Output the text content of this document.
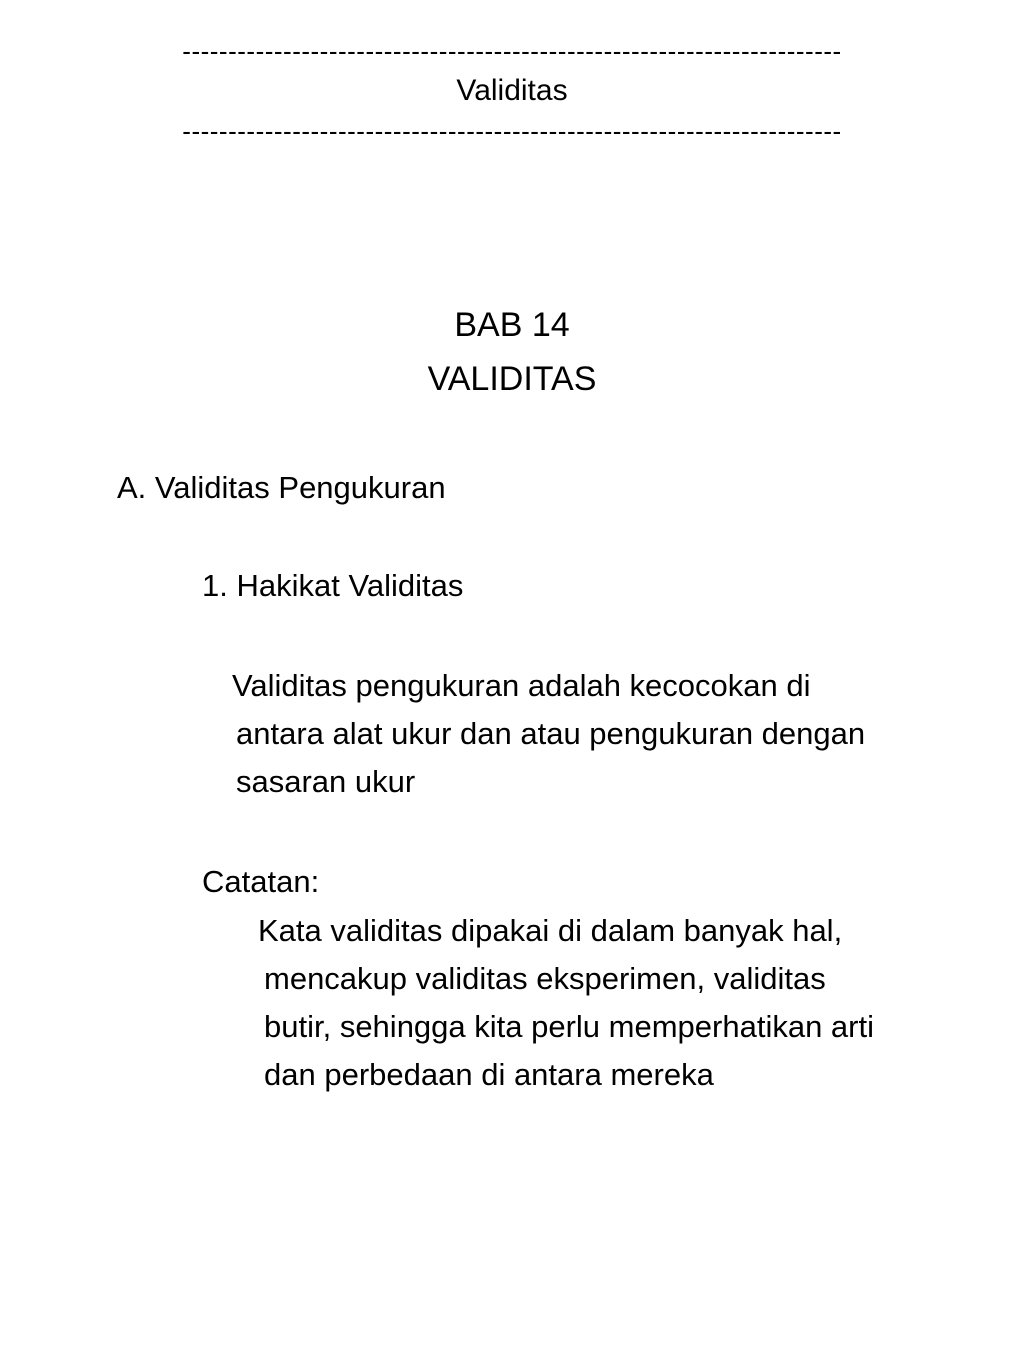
------------------------------------------------------------------------
Validitas
------------------------------------------------------------------------
BAB 14
VALIDITAS
A. Validitas Pengukuran
1. Hakikat Validitas
Validitas pengukuran adalah kecocokan di
antara alat ukur dan atau pengukuran dengan
sasaran ukur
Catatan:
Kata validitas dipakai di dalam banyak hal,
mencakup validitas eksperimen, validitas
butir, sehingga kita perlu memperhatikan arti
dan perbedaan di antara mereka
